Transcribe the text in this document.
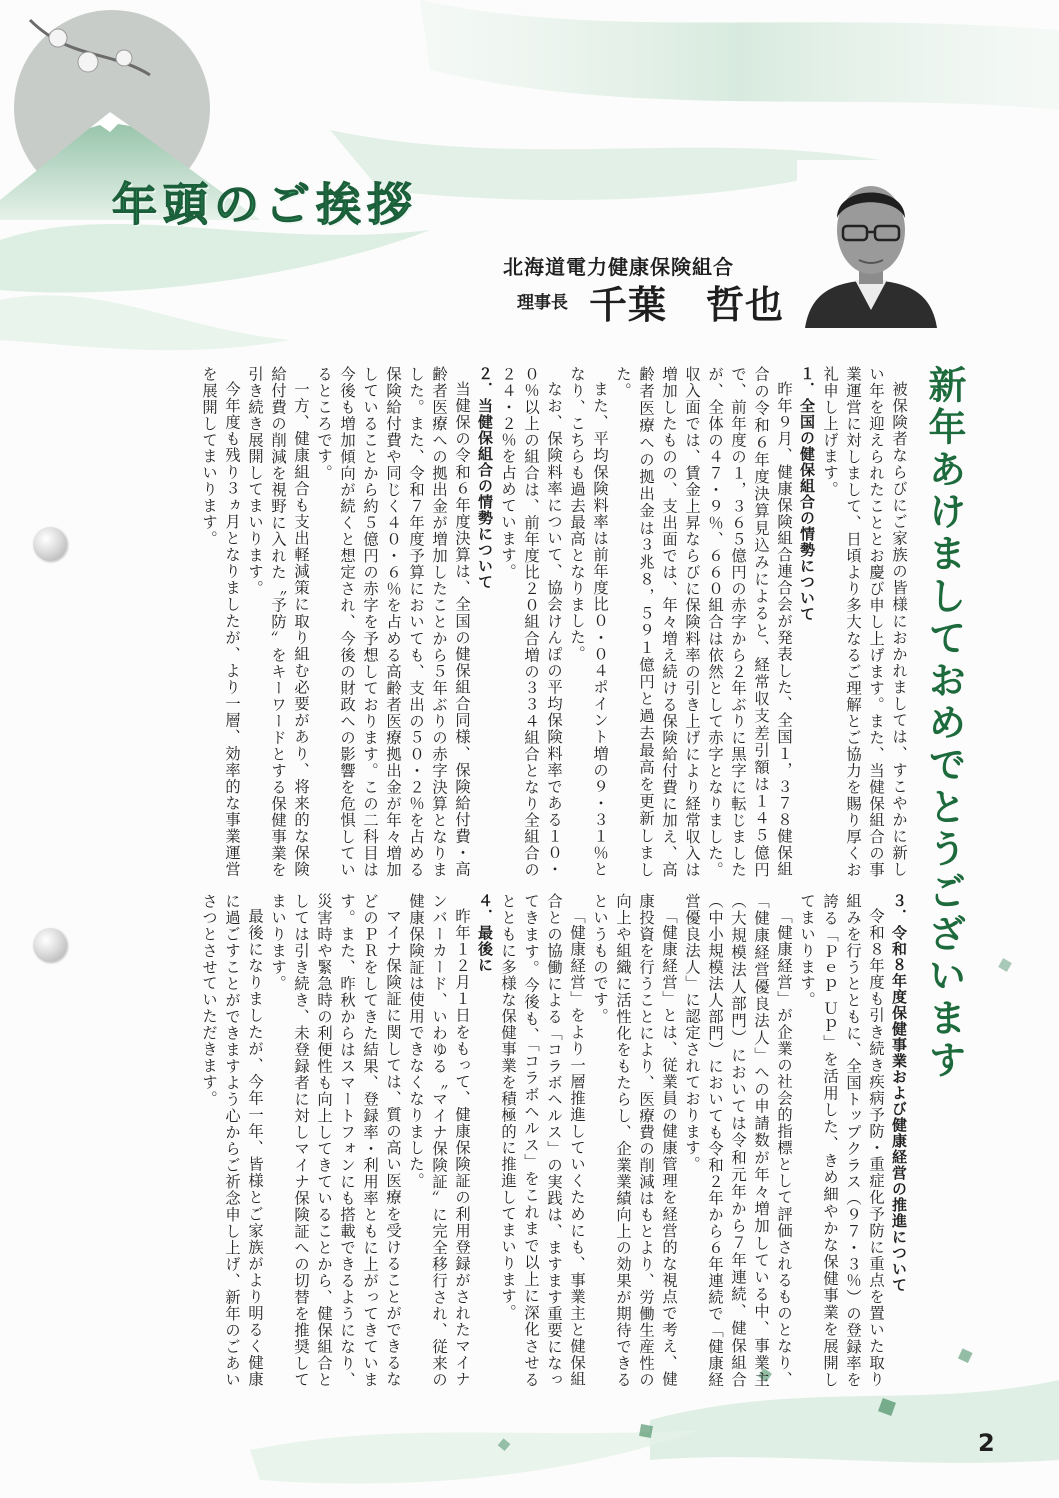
年頭のご挨拶
北海道電力健康保険組合
理事長 千葉　哲也
新年あけましておめでとうございます

被保険者ならびにご家族の皆様におかれましては、すこやかに新しい年を迎えられたこととお慶び申し上げます。また、当健保組合の事業運営に対しまして、日頃より多大なるご理解とご協力を賜り厚くお礼申し上げます。

１．全国の健保組合の情勢について

昨年９月、健康保険組合連合会が発表した、全国１，３７８健保組合の令和６年度決算見込みによると、経常収支差引額は１４５億円で、前年度の１，３６５億円の赤字から２年ぶりに黒字に転じましたが、全体の４７・９％、６６０組合は依然として赤字となりました。収入面では、賃金上昇ならびに保険料率の引き上げにより経常収入は増加したものの、支出面では、年々増え続ける保険給付費に加え、高齢者医療への拠出金は３兆８，５９１億円と過去最高を更新しました。

また、平均保険料率は前年度比０・０４ポイント増の９・３１％となり、こちらも過去最高となりました。

なお、保険料率について、協会けんぽの平均保険料率である１０・０％以上の組合は、前年度比２０組合増の３３４組合となり全組合の２４・２％を占めています。

２．当健保組合の情勢について

当健保の令和６年度決算は、全国の健保組合同様、保険給付費・高齢者医療への拠出金が増加したことから５年ぶりの赤字決算となりました。また、令和７年度予算においても、支出の５０・２％を占める保険給付費や同じく４０・６％を占める高齢者医療拠出金が年々増加していることから約５億円の赤字を予想しております。この二科目は今後も増加傾向が続くと想定され、今後の財政への影響を危惧しているところです。

一方、健康組合も支出軽減策に取り組む必要があり、将来的な保険給付費の削減を視野に入れた〝予防〟をキーワードとする保健事業を引き続き展開してまいります。

今年度も残り３ヵ月となりましたが、より一層、効率的な事業運営を展開してまいります。

３．令和８年度保健事業および健康経営の推進について

令和８年度も引き続き疾病予防・重症化予防に重点を置いた取り組みを行うとともに、全国トップクラス（９７・３％）の登録率を誇る「Ｐｅｐ Ｕｐ」を活用した、きめ細やかな保健事業を展開してまいります。

「健康経営」が企業の社会的指標として評価されるものとなり、「健康経営優良法人」への申請数が年々増加している中、事業主（大規模法人部門）においては令和元年から７年連続、健保組合（中小規模法人部門）においても令和２年から６年連続で「健康経営優良法人」に認定されております。

「健康経営」とは、従業員の健康管理を経営的な視点で考え、健康投資を行うことにより、医療費の削減はもとより、労働生産性の向上や組織に活性化をもたらし、企業業績向上の効果が期待できるというものです。

「健康経営」をより一層推進していくためにも、事業主と健保組合との協働による「コラボヘルス」の実践は、ますます重要になってきます。今後も、「コラボヘルス」をこれまで以上に深化させるとともに多様な保健事業を積極的に推進してまいります。

４．最後に

昨年１２月１日をもって、健康保険証の利用登録がされたマイナンバーカード、いわゆる〝マイナ保険証〟に完全移行され、従来の健康保険証は使用できなくなりました。

マイナ保険証に関しては、質の高い医療を受けることができるなどのＰＲをしてきた結果、登録率・利用率ともに上がってきています。また、昨秋からはスマートフォンにも搭載できるようになり、災害時や緊急時の利便性も向上してきていることから、健保組合としては引き続き、未登録者に対しマイナ保険証への切替を推奨してまいります。

最後になりましたが、今年一年、皆様とご家族がより明るく健康に過ごすことができますよう心からご祈念申し上げ、新年のごあいさつとさせていただきます。

2
